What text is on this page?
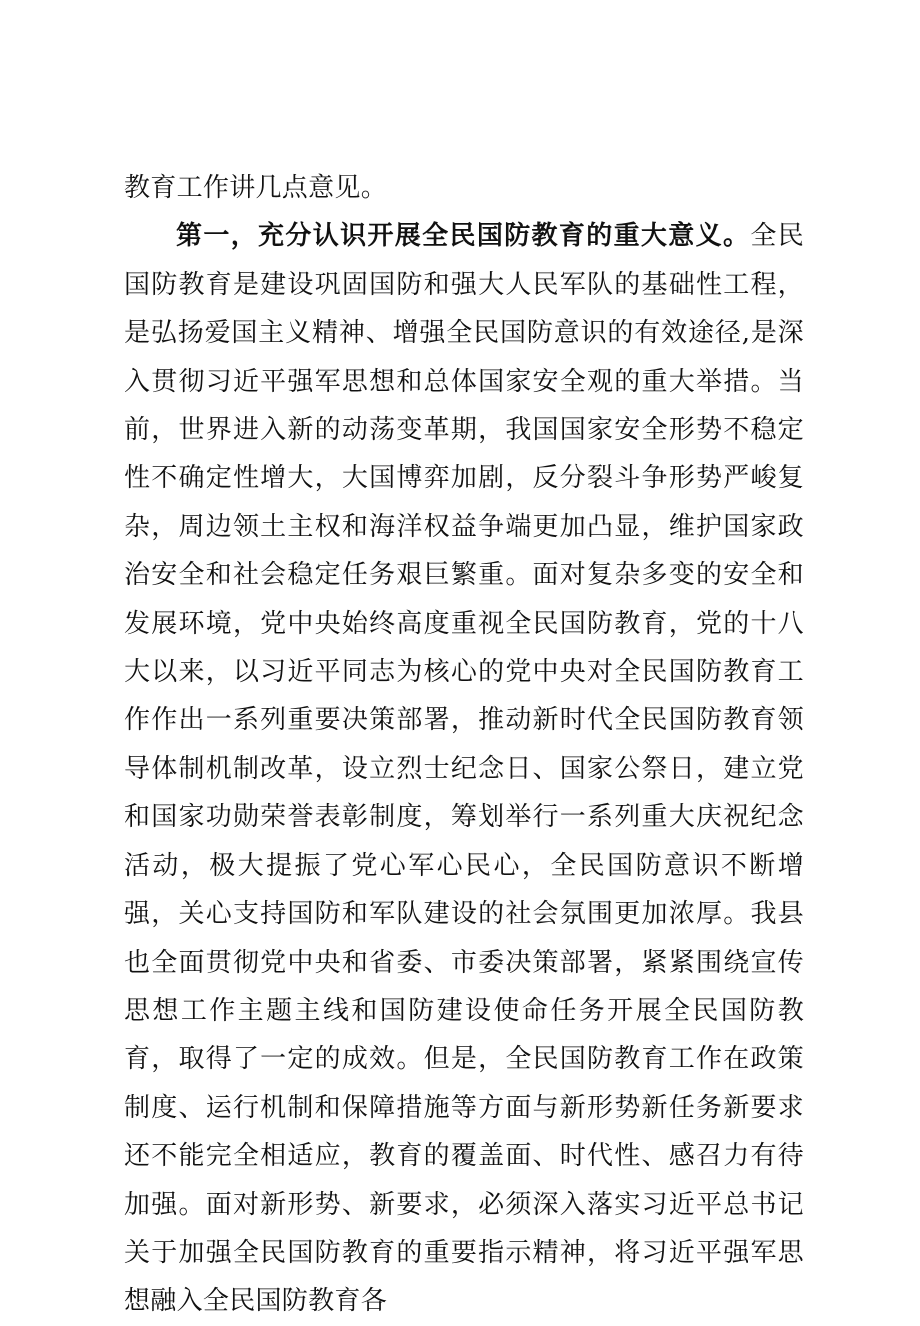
教育工作讲几点意见。

第一，充分认识开展全民国防教育的重大意义。全民国防教育是建设巩固国防和强大人民军队的基础性工程，是弘扬爱国主义精神、增强全民国防意识的有效途径,是深入贯彻习近平强军思想和总体国家安全观的重大举措。当前，世界进入新的动荡变革期，我国国家安全形势不稳定性不确定性增大，大国博弈加剧，反分裂斗争形势严峻复杂，周边领土主权和海洋权益争端更加凸显，维护国家政治安全和社会稳定任务艰巨繁重。面对复杂多变的安全和发展环境，党中央始终高度重视全民国防教育，党的十八大以来，以习近平同志为核心的党中央对全民国防教育工作作出一系列重要决策部署，推动新时代全民国防教育领导体制机制改革，设立烈士纪念日、国家公祭日，建立党和国家功勋荣誉表彰制度，筹划举行一系列重大庆祝纪念活动，极大提振了党心军心民心，全民国防意识不断增强，关心支持国防和军队建设的社会氛围更加浓厚。我县也全面贯彻党中央和省委、市委决策部署，紧紧围绕宣传思想工作主题主线和国防建设使命任务开展全民国防教育，取得了一定的成效。但是，全民国防教育工作在政策制度、运行机制和保障措施等方面与新形势新任务新要求还不能完全相适应，教育的覆盖面、时代性、感召力有待加强。面对新形势、新要求，必须深入落实习近平总书记关于加强全民国防教育的重要指示精神，将习近平强军思想融入全民国防教育各
